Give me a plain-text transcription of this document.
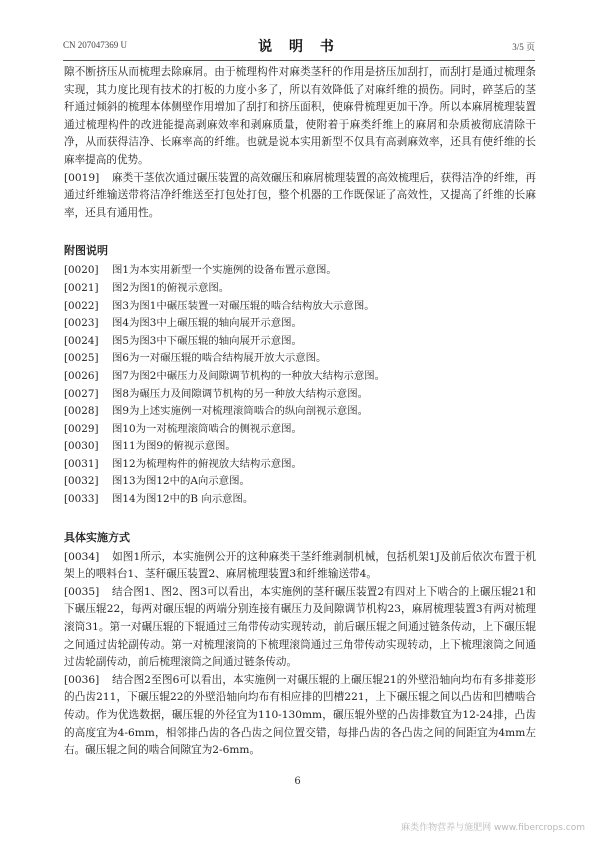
CN 207047369 U	说 明 书	3/5 页

隙不断挤压从而梳理去除麻屑。由于梳理构件对麻类茎秆的作用是挤压加刮打，而刮打是通过梳理条实现，其力度比现有技术的打板的力度小多了，所以有效降低了对麻纤维的损伤。同时，碎茎后的茎秆通过倾斜的梳理本体侧壁作用增加了刮打和挤压面积，使麻骨梳理更加干净。所以本麻屑梳理装置通过梳理构件的改进能提高剥麻效率和剥麻质量，使附着于麻类纤维上的麻屑和杂质被彻底清除干净，从而获得洁净、长麻率高的纤维。也就是说本实用新型不仅具有高剥麻效率，还具有使纤维的长麻率提高的优势。

[0019] 麻类干茎依次通过碾压装置的高效碾压和麻屑梳理装置的高效梳理后，获得洁净的纤维，再通过纤维输送带将洁净纤维送至打包处打包，整个机器的工作既保证了高效性，又提高了纤维的长麻率，还具有通用性。

附图说明

[0020] 图1为本实用新型一个实施例的设备布置示意图。

[0021] 图2为图1的俯视示意图。

[0022] 图3为图1中碾压装置一对碾压辊的啮合结构放大示意图。

[0023] 图4为图3中上碾压辊的轴向展开示意图。

[0024] 图5为图3中下碾压辊的轴向展开示意图。

[0025] 图6为一对碾压辊的啮合结构展开放大示意图。

[0026] 图7为图2中碾压力及间隙调节机构的一种放大结构示意图。

[0027] 图8为碾压力及间隙调节机构的另一种放大结构示意图。

[0028] 图9为上述实施例一对梳理滚筒啮合的纵向剖视示意图。

[0029] 图10为一对梳理滚筒啮合的侧视示意图。

[0030] 图11为图9的俯视示意图。

[0031] 图12为梳理构件的俯视放大结构示意图。

[0032] 图13为图12中的A向示意图。

[0033] 图14为图12中的B 向示意图。

具体实施方式

[0034] 如图1所示，本实施例公开的这种麻类干茎纤维剥制机械，包括机架1J及前后依次布置于机架上的喂料台1、茎秆碾压装置2、麻屑梳理装置3和纤维输送带4。

[0035] 结合图1、图2、图3可以看出，本实施例的茎秆碾压装置2有四对上下啮合的上碾压辊21和下碾压辊22，每两对碾压辊的两端分别连接有碾压力及间隙调节机构23，麻屑梳理装置3有两对梳理滚筒31。第一对碾压辊的下辊通过三角带传动实现转动，前后碾压辊之间通过链条传动，上下碾压辊之间通过齿轮副传动。第一对梳理滚筒的下梳理滚筒通过三角带传动实现转动，上下梳理滚筒之间通过齿轮副传动，前后梳理滚筒之间通过链条传动。

[0036] 结合图2至图6可以看出，本实施例一对碾压辊的上碾压辊21的外壁沿轴向均布有多排菱形的凸齿211，下碾压辊22的外壁沿轴向均布有相应排的凹槽221，上下碾压辊之间以凸齿和凹槽啮合传动。作为优选数据，碾压辊的外径宜为110-130mm，碾压辊外壁的凸齿排数宜为12-24排，凸齿的高度宜为4-6mm，相邻排凸齿的各凸齿之间位置交错，每排凸齿的各凸齿之间的间距宜为4mm左右。碾压辊之间的啮合间隙宜为2-6mm。

6
麻类作物营养与施肥网 www.fibercrops.com
